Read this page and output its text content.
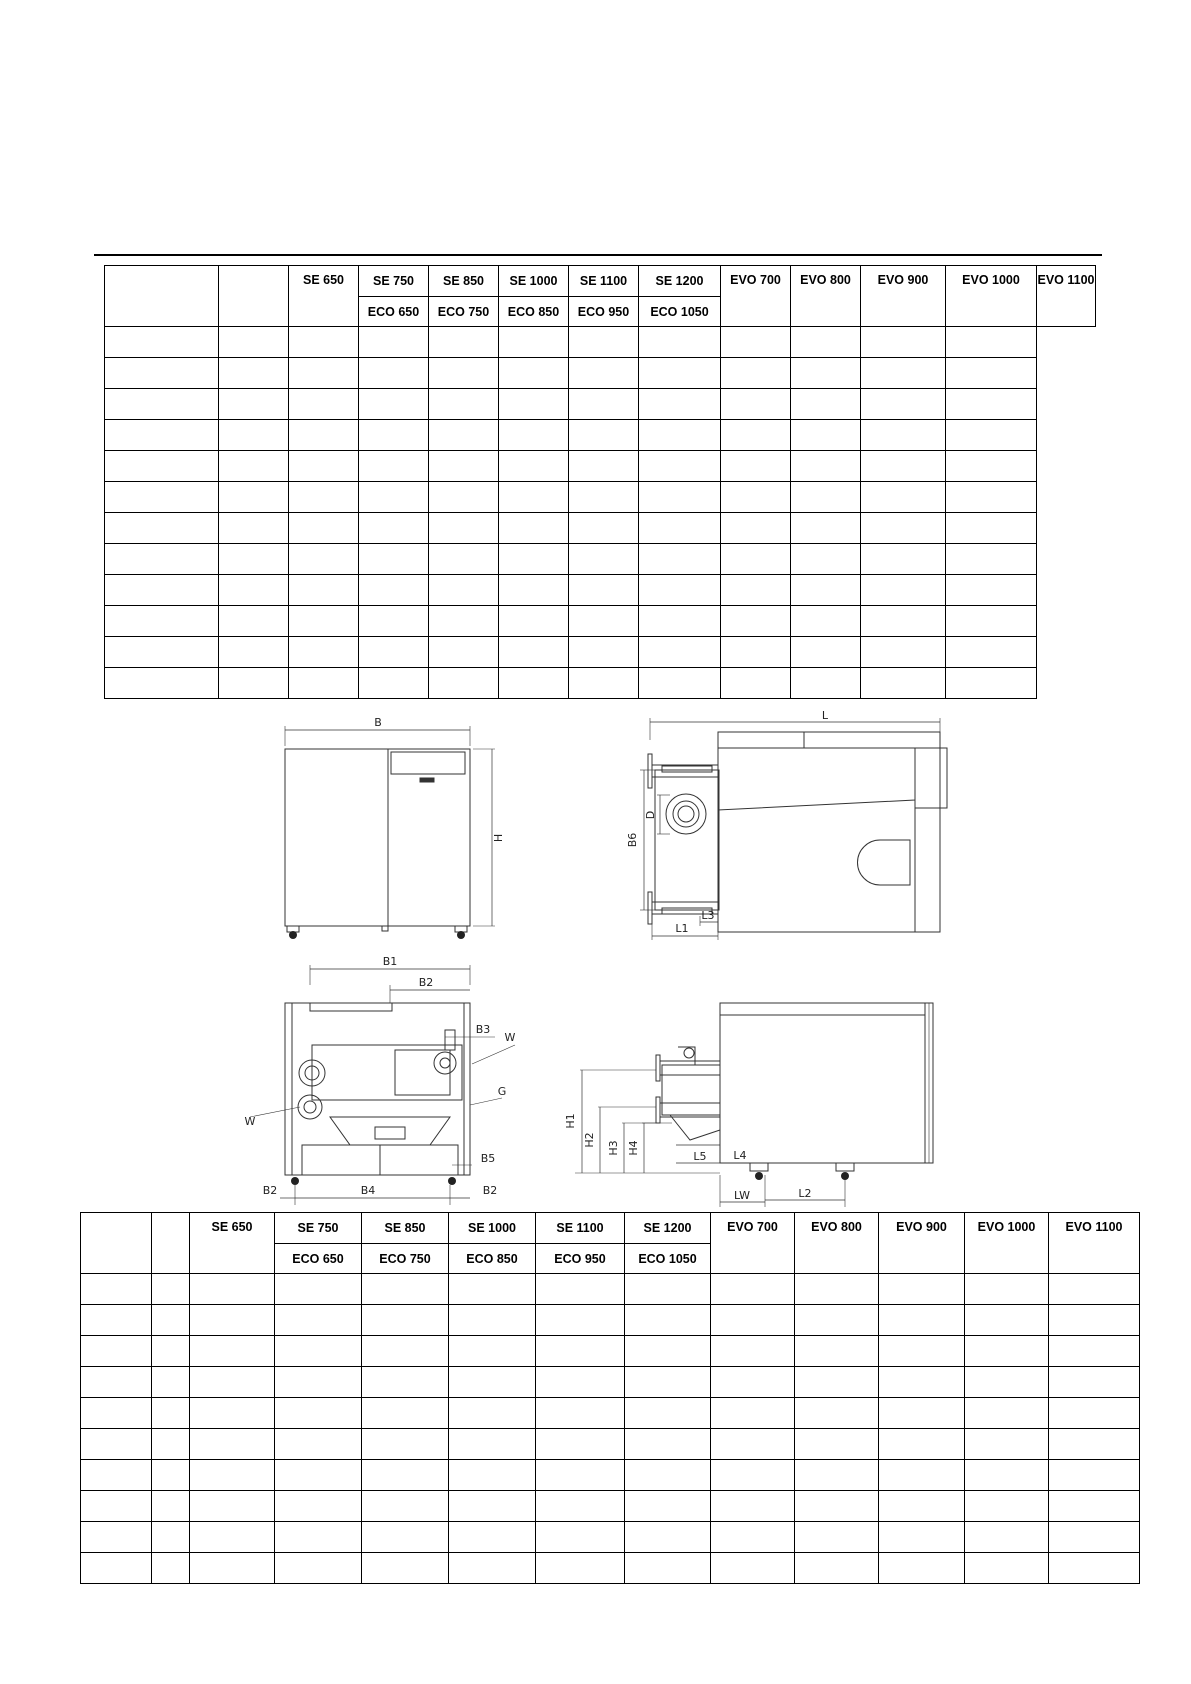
		SE 650	SE 750	SE 850	SE 1000	SE 1100	SE 1200	EVO 700	EVO 800	EVO 900	EVO 1000	EVO 1100
			ECO 650	ECO 750	ECO 850	ECO 950	ECO 1050					

B
H
L
B6
D
L1
L3
B1
B2
B3
W
W
G
B5
B4
B2	B2
H1
H2
H3 H4	L4
L5
LW	L2
		SE 650	SE 750	SE 850	SE 1000	SE 1100	SE 1200	EVO 700	EVO 800	EVO 900	EVO 1000	EVO 1100
			ECO 650	ECO 750	ECO 850	ECO 950	ECO 1050					
